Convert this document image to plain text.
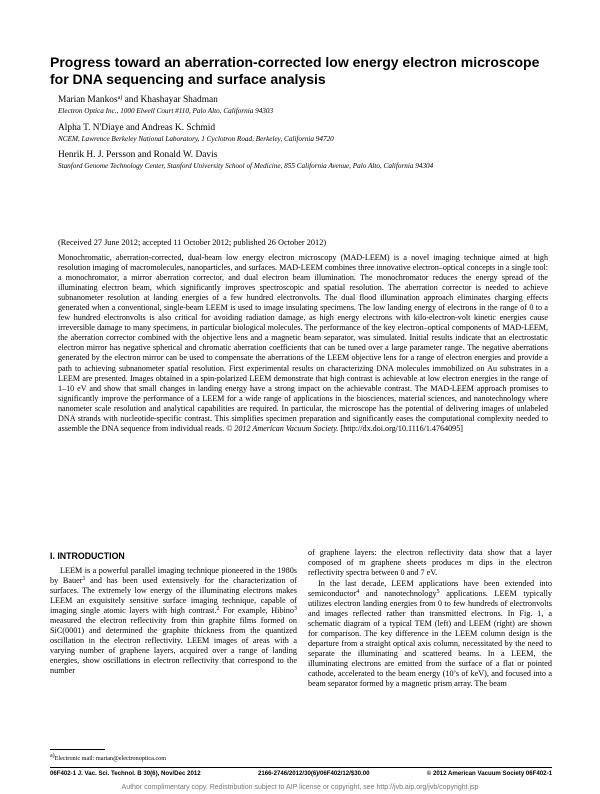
Progress toward an aberration-corrected low energy electron microscope for DNA sequencing and surface analysis
Marian Mankos$^{a)}$ and Khashayar Shadman
Electron Optica Inc., 1000 Elwell Court #110, Palo Alto, California 94303
Alpha T. N'Diaye and Andreas K. Schmid
NCEM, Lawrence Berkeley National Laboratory, 1 Cyclotron Road, Berkeley, California 94720
Henrik H. J. Persson and Ronald W. Davis
Stanford Genome Technology Center, Stanford University School of Medicine, 855 California Avenue, Palo Alto, California 94304
(Received 27 June 2012; accepted 11 October 2012; published 26 October 2012)
Monochromatic, aberration-corrected, dual-beam low energy electron microscopy (MAD-LEEM) is a novel imaging technique aimed at high resolution imaging of macromolecules, nanoparticles, and surfaces. MAD-LEEM combines three innovative electron–optical concepts in a single tool: a monochromator, a mirror aberration corrector, and dual electron beam illumination. The monochromator reduces the energy spread of the illuminating electron beam, which significantly improves spectroscopic and spatial resolution. The aberration corrector is needed to achieve subnanometer resolution at landing energies of a few hundred electronvolts. The dual flood illumination approach eliminates charging effects generated when a conventional, single-beam LEEM is used to image insulating specimens. The low landing energy of electrons in the range of 0 to a few hundred electronvolts is also critical for avoiding radiation damage, as high energy electrons with kilo-electron-volt kinetic energies cause irreversible damage to many specimens, in particular biological molecules. The performance of the key electron–optical components of MAD-LEEM, the aberration corrector combined with the objective lens and a magnetic beam separator, was simulated. Initial results indicate that an electrostatic electron mirror has negative spherical and chromatic aberration coefficients that can be tuned over a large parameter range. The negative aberrations generated by the electron mirror can be used to compensate the aberrations of the LEEM objective lens for a range of electron energies and provide a path to achieving subnanometer spatial resolution. First experimental results on characterizing DNA molecules immobilized on Au substrates in a LEEM are presented. Images obtained in a spin-polarized LEEM demonstrate that high contrast is achievable at low electron energies in the range of 1–10 eV and show that small changes in landing energy have a strong impact on the achievable contrast. The MAD-LEEM approach promises to significantly improve the performance of a LEEM for a wide range of applications in the biosciences, material sciences, and nanotechnology where nanometer scale resolution and analytical capabilities are required. In particular, the microscope has the potential of delivering images of unlabeled DNA strands with nucleotide-specific contrast. This simplifies specimen preparation and significantly eases the computational complexity needed to assemble the DNA sequence from individual reads. © 2012 American Vacuum Society. [http://dx.doi.org/10.1116/1.4764095]
I. INTRODUCTION
LEEM is a powerful parallel imaging technique pioneered in the 1980s by Bauer$^1$ and has been used extensively for the characterization of surfaces. The extremely low energy of the illuminating electrons makes LEEM an exquisitely sensitive surface imaging technique, capable of imaging single atomic layers with high contrast.$^2$ For example, Hibino$^3$ measured the electron reflectivity from thin graphite films formed on SiC(0001) and determined the graphite thickness from the quantized oscillation in the electron reflectivity. LEEM images of areas with a varying number of graphene layers, acquired over a range of landing energies, show oscillations in electron reflectivity that correspond to the number
of graphene layers: the electron reflectivity data show that a layer composed of m graphene sheets produces m dips in the electron reflectivity spectra between 0 and 7 eV.
In the last decade, LEEM applications have been extended into semiconductor$^4$ and nanotechnology$^5$ applications. LEEM typically utilizes electron landing energies from 0 to few hundreds of electronvolts and images reflected rather than transmitted electrons. In Fig. 1, a schematic diagram of a typical TEM (left) and LEEM (right) are shown for comparison. The key difference in the LEEM column design is the departure from a straight optical axis column, necessitated by the need to separate the illuminating and scattered beams. In a LEEM, the illuminating electrons are emitted from the surface of a flat or pointed cathode, accelerated to the beam energy (10’s of keV), and focused into a beam separator formed by a magnetic prism array. The beam
$^{a)}$Electronic mail: marian@electronoptica.com
06F402-1 J. Vac. Sci. Technol. B 30(6), Nov/Dec 2012	2166-2746/2012/30(6)/06F402/12/$30.00	© 2012 American Vacuum Society 06F402-1
Author complimentary copy. Redistribution subject to AIP license or copyright, see http://jvb.aip.org/jvb/copyright.jsp
